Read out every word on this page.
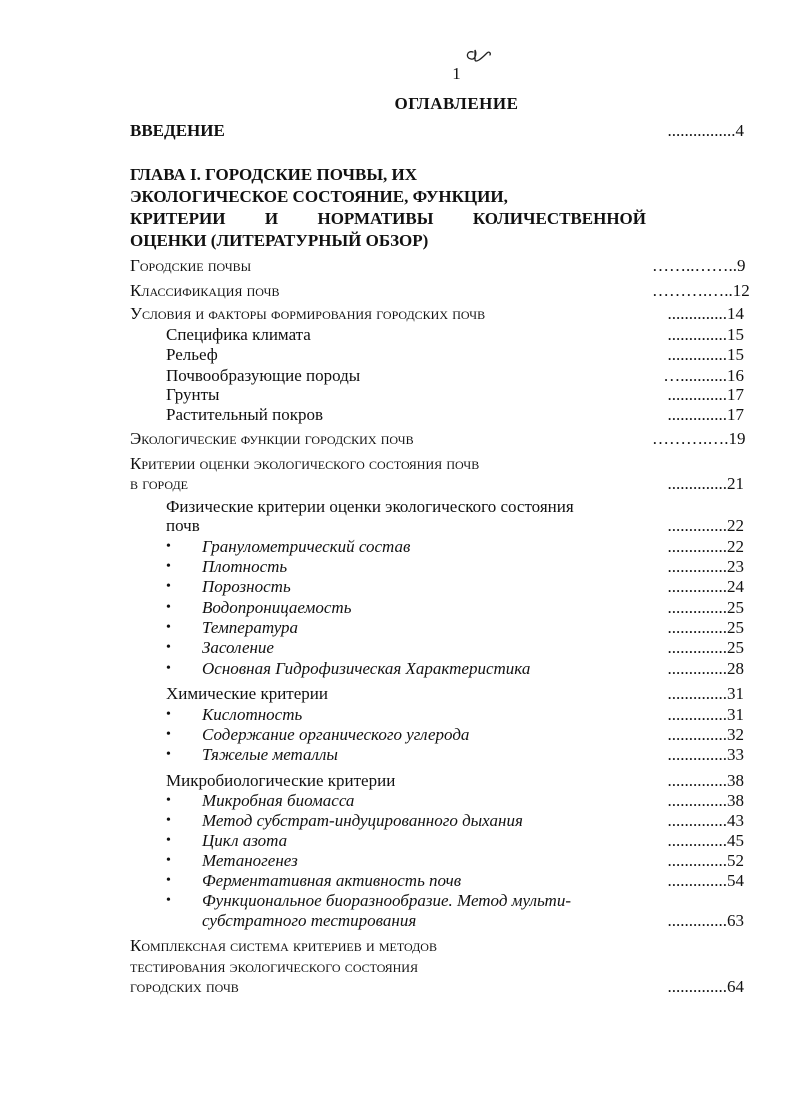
1
ОГЛАВЛЕНИЕ
ВВЕДЕНИЕ	................4
ГЛАВА I. ГОРОДСКИЕ ПОЧВЫ, ИХ
ЭКОЛОГИЧЕСКОЕ СОСТОЯНИЕ, ФУНКЦИИ,
КРИТЕРИИ И НОРМАТИВЫ КОЛИЧЕСТВЕННОЙ
ОЦЕНКИ (ЛИТЕРАТУРНЫЙ ОБЗОР)
Городские почвы	……..……..9
Классификация почв	……….…..12
Условия и факторы формирования городских почв	..............14
Специфика климата	..............15
Рельеф	..............15
Почвообразующие породы	…...........16
Грунты	..............17
Растительный покров	..............17
Экологические функции городских почв	……….….19
Критерии оценки экологического состояния почв
в городе	..............21
Физические критерии оценки экологического состояния
почв	..............22
• Гранулометрический состав	..............22
• Плотность	..............23
• Порозность	..............24
• Водопроницаемость	..............25
• Температура	..............25
• Засоление	..............25
• Основная Гидрофизическая Характеристика	..............28
Химические критерии	..............31
• Кислотность	..............31
• Содержание органического углерода	..............32
• Тяжелые металлы	..............33
Микробиологические критерии	..............38
• Микробная биомасса	..............38
• Метод субстрат-индуцированного дыхания	..............43
• Цикл азота	..............45
• Метаногенез	..............52
• Ферментативная активность почв	..............54
• Функциональное биоразнообразие. Метод мульти-
субстратного тестирования	..............63
Комплексная система критериев и методов
тестирования экологического состояния
городских почв	..............64
